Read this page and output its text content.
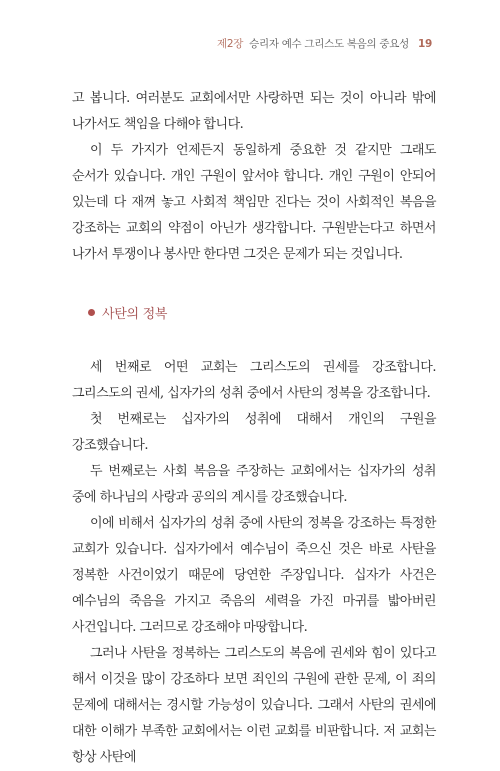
제2장 승리자 예수 그리스도 복음의 중요성 19

고 봅니다. 여러분도 교회에서만 사랑하면 되는 것이 아니라 밖에 나가서도 책임을 다해야 합니다.

이 두 가지가 언제든지 동일하게 중요한 것 같지만 그래도 순서가 있습니다. 개인 구원이 앞서야 합니다. 개인 구원이 안되어 있는데 다 재껴 놓고 사회적 책임만 진다는 것이 사회적인 복음을 강조하는 교회의 약점이 아닌가 생각합니다. 구원받는다고 하면서 나가서 투쟁이나 봉사만 한다면 그것은 문제가 되는 것입니다.

사탄의 정복

세 번째로 어떤 교회는 그리스도의 권세를 강조합니다. 그리스도의 권세, 십자가의 성취 중에서 사탄의 정복을 강조합니다.

첫 번째로는 십자가의 성취에 대해서 개인의 구원을 강조했습니다.

두 번째로는 사회 복음을 주장하는 교회에서는 십자가의 성취 중에 하나님의 사랑과 공의의 계시를 강조했습니다.

이에 비해서 십자가의 성취 중에 사탄의 정복을 강조하는 특정한 교회가 있습니다. 십자가에서 예수님이 죽으신 것은 바로 사탄을 정복한 사건이었기 때문에 당연한 주장입니다. 십자가 사건은 예수님의 죽음을 가지고 죽음의 세력을 가진 마귀를 밟아버린 사건입니다. 그러므로 강조해야 마땅합니다.

그러나 사탄을 정복하는 그리스도의 복음에 권세와 힘이 있다고 해서 이것을 많이 강조하다 보면 죄인의 구원에 관한 문제, 이 죄의 문제에 대해서는 경시할 가능성이 있습니다. 그래서 사탄의 권세에 대한 이해가 부족한 교회에서는 이런 교회를 비판합니다. 저 교회는 항상 사탄에
